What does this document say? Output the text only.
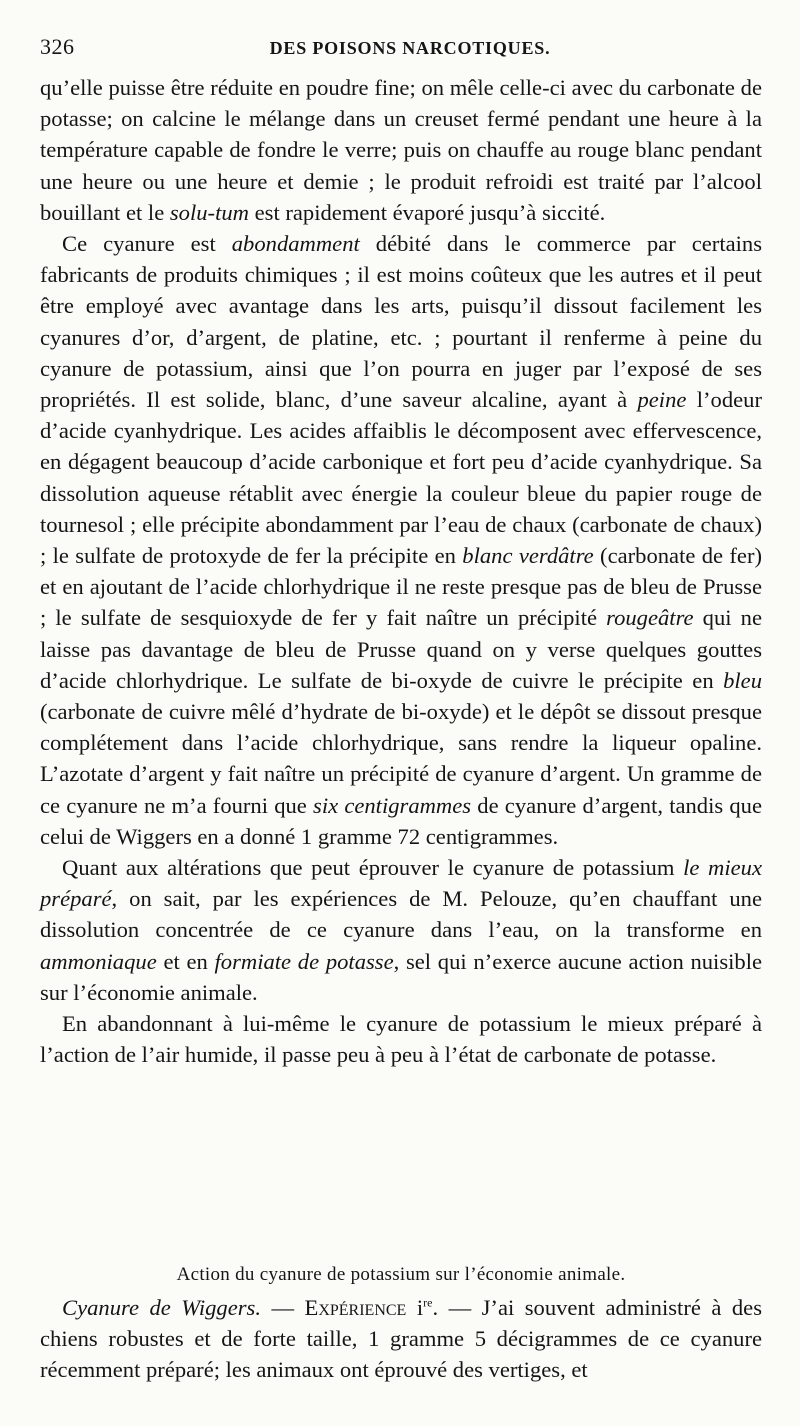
326	DES POISONS NARCOTIQUES.

qu’elle puisse être réduite en poudre fine; on mêle celle-ci avec du carbonate de potasse; on calcine le mélange dans un creuset fermé pendant une heure à la température capable de fondre le verre; puis on chauffe au rouge blanc pendant une heure ou une heure et demie ; le produit refroidi est traité par l’alcool bouillant et le solu-tum est rapidement évaporé jusqu’à siccité.

Ce cyanure est abondamment débité dans le commerce par certains fabricants de produits chimiques ; il est moins coûteux que les autres et il peut être employé avec avantage dans les arts, puisqu’il dissout facilement les cyanures d’or, d’argent, de platine, etc. ; pourtant il renferme à peine du cyanure de potassium, ainsi que l’on pourra en juger par l’exposé de ses propriétés. Il est solide, blanc, d’une saveur alcaline, ayant à peine l’odeur d’acide cyanhydrique. Les acides affaiblis le décomposent avec effervescence, en dégagent beaucoup d’acide carbonique et fort peu d’acide cyanhydrique. Sa dissolution aqueuse rétablit avec énergie la couleur bleue du papier rouge de tournesol ; elle précipite abondamment par l’eau de chaux (carbonate de chaux) ; le sulfate de protoxyde de fer la précipite en blanc verdâtre (carbonate de fer) et en ajoutant de l’acide chlorhydrique il ne reste presque pas de bleu de Prusse ; le sulfate de sesquioxyde de fer y fait naître un précipité rougeâtre qui ne laisse pas davantage de bleu de Prusse quand on y verse quelques gouttes d’acide chlorhydrique. Le sulfate de bi-oxyde de cuivre le précipite en bleu (carbonate de cuivre mêlé d’hydrate de bi-oxyde) et le dépôt se dissout presque complétement dans l’acide chlorhydrique, sans rendre la liqueur opaline. L’azotate d’argent y fait naître un précipité de cyanure d’argent. Un gramme de ce cyanure ne m’a fourni que six centigrammes de cyanure d’argent, tandis que celui de Wiggers en a donné 1 gramme 72 centigrammes.

Quant aux altérations que peut éprouver le cyanure de potassium le mieux préparé, on sait, par les expériences de M. Pelouze, qu’en chauffant une dissolution concentrée de ce cyanure dans l’eau, on la transforme en ammoniaque et en formiate de potasse, sel qui n’exerce aucune action nuisible sur l’économie animale.

En abandonnant à lui-même le cyanure de potassium le mieux préparé à l’action de l’air humide, il passe peu à peu à l’état de carbonate de potasse.

Action du cyanure de potassium sur l’économie animale.

Cyanure de Wiggers. — Expérience $i^{re}$. — J’ai souvent administré à des chiens robustes et de forte taille, 1 gramme 5 décigrammes de ce cyanure récemment préparé; les animaux ont éprouvé des vertiges, et
